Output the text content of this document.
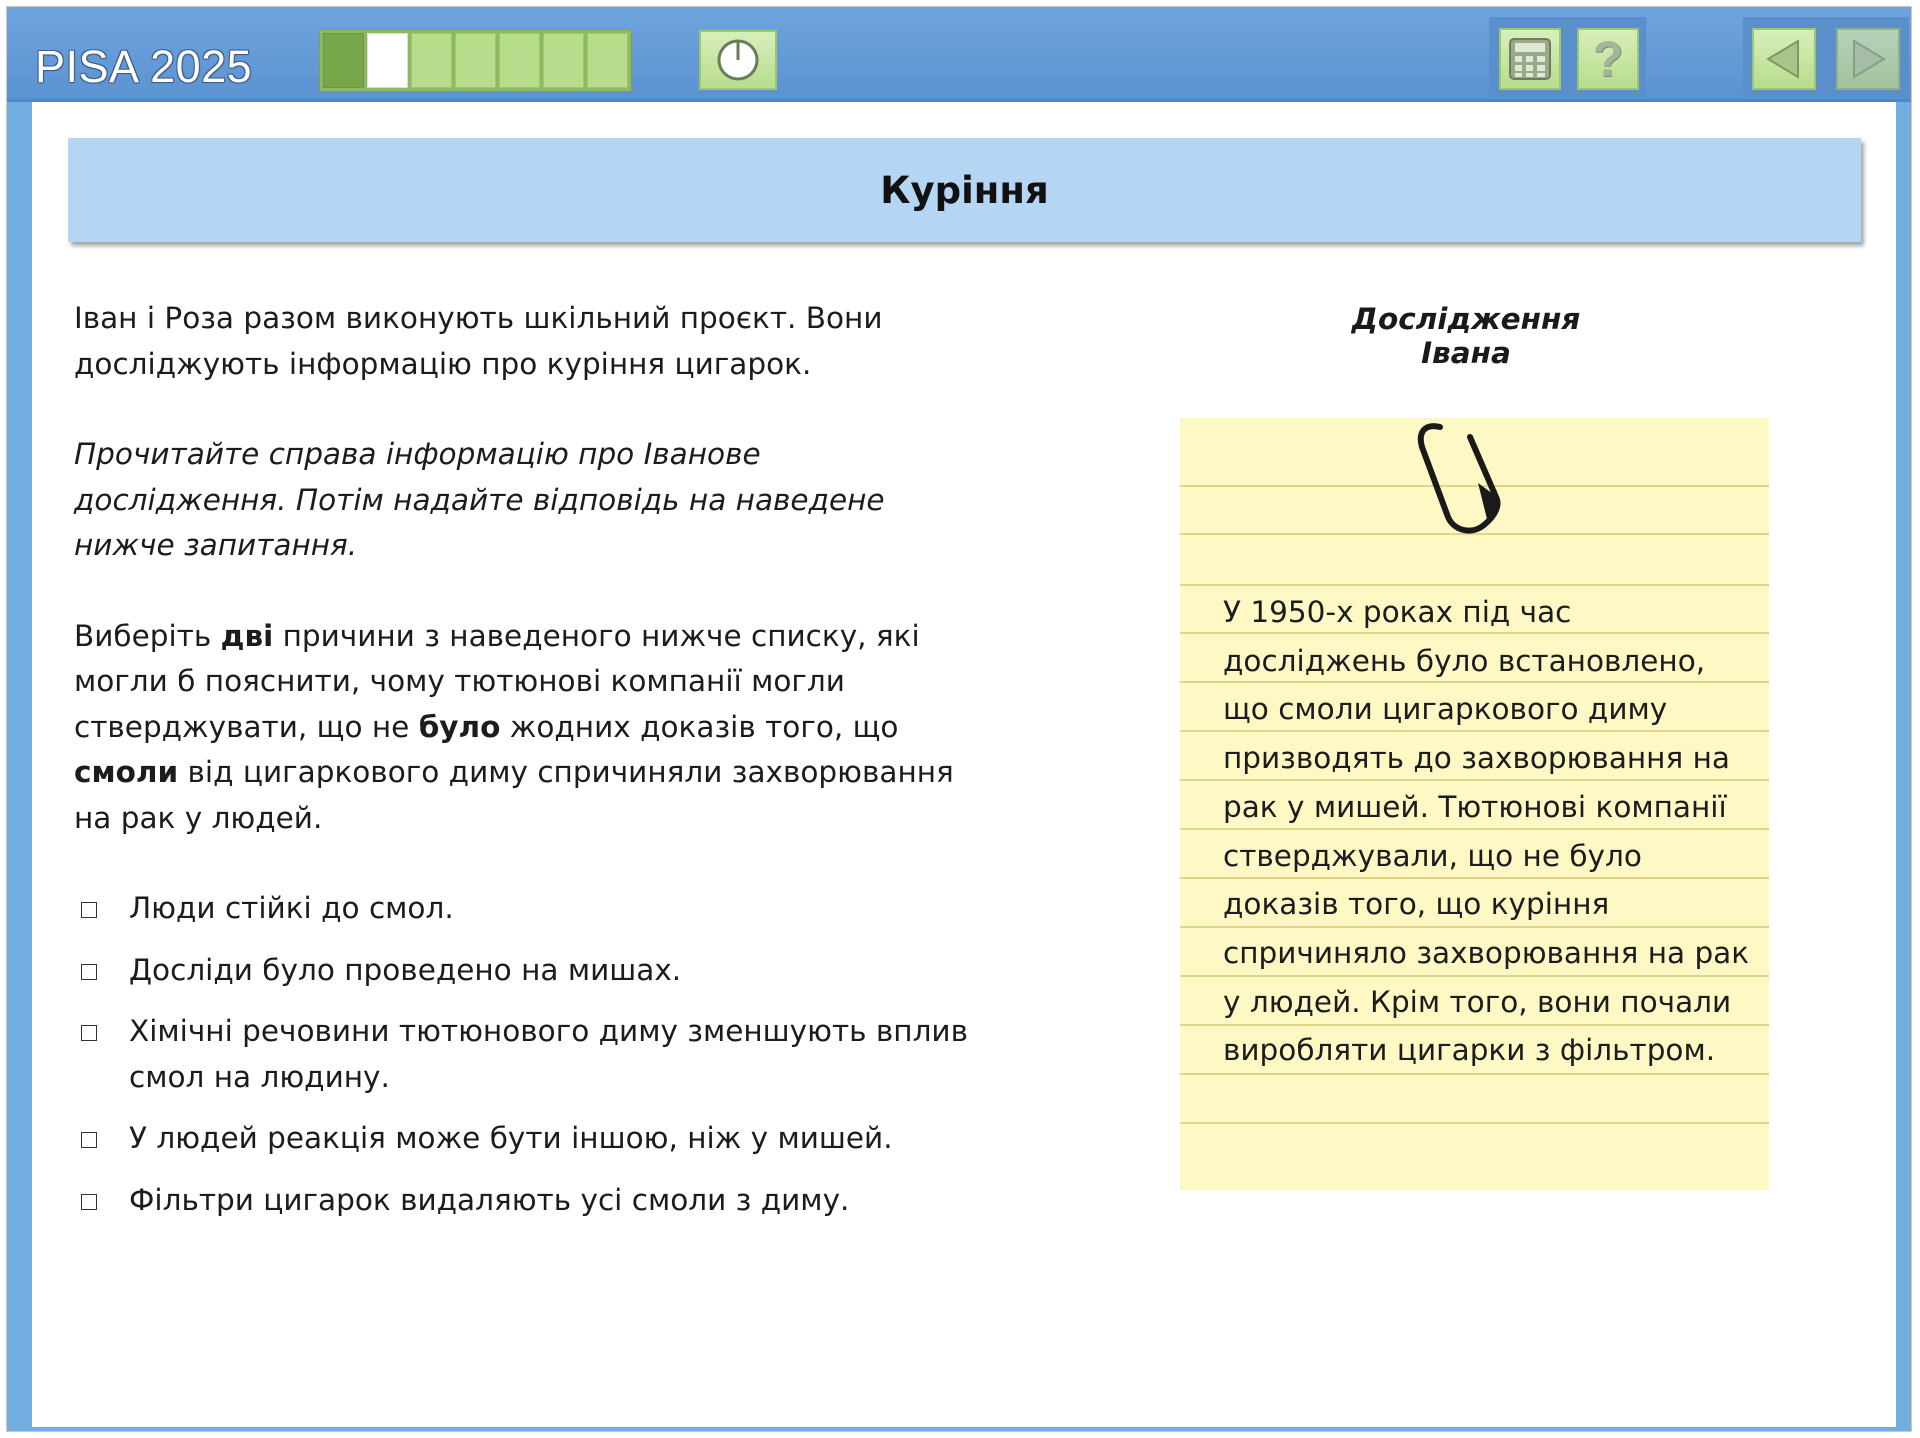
PISA 2025	?
Куріння

Іван і Роза разом виконують шкільний проєкт. Вони досліджують інформацію про куріння цигарок.

Прочитайте справа інформацію про Іванове дослідження. Потім надайте відповідь на наведене нижче запитання.

Виберіть дві причини з наведеного нижче списку, які могли б пояснити, чому тютюнові компанії могли стверджувати, що не було жодних доказів того, що смоли від цигаркового диму спричиняли захворювання на рак у людей.

Люди стійкі до смол.
Досліди було проведено на мишах.
Хімічні речовини тютюнового диму зменшують вплив смол на людину.
У людей реакція може бути іншою, ніж у мишей.
Фільтри цигарок видаляють усі смоли з диму.
Дослідження Івана
У 1950-х роках під час досліджень було встановлено, що смоли цигаркового диму призводять до захворювання на рак у мишей. Тютюнові компанії стверджували, що не було доказів того, що куріння спричиняло захворювання на рак у людей. Крім того, вони почали виробляти цигарки з фільтром.
